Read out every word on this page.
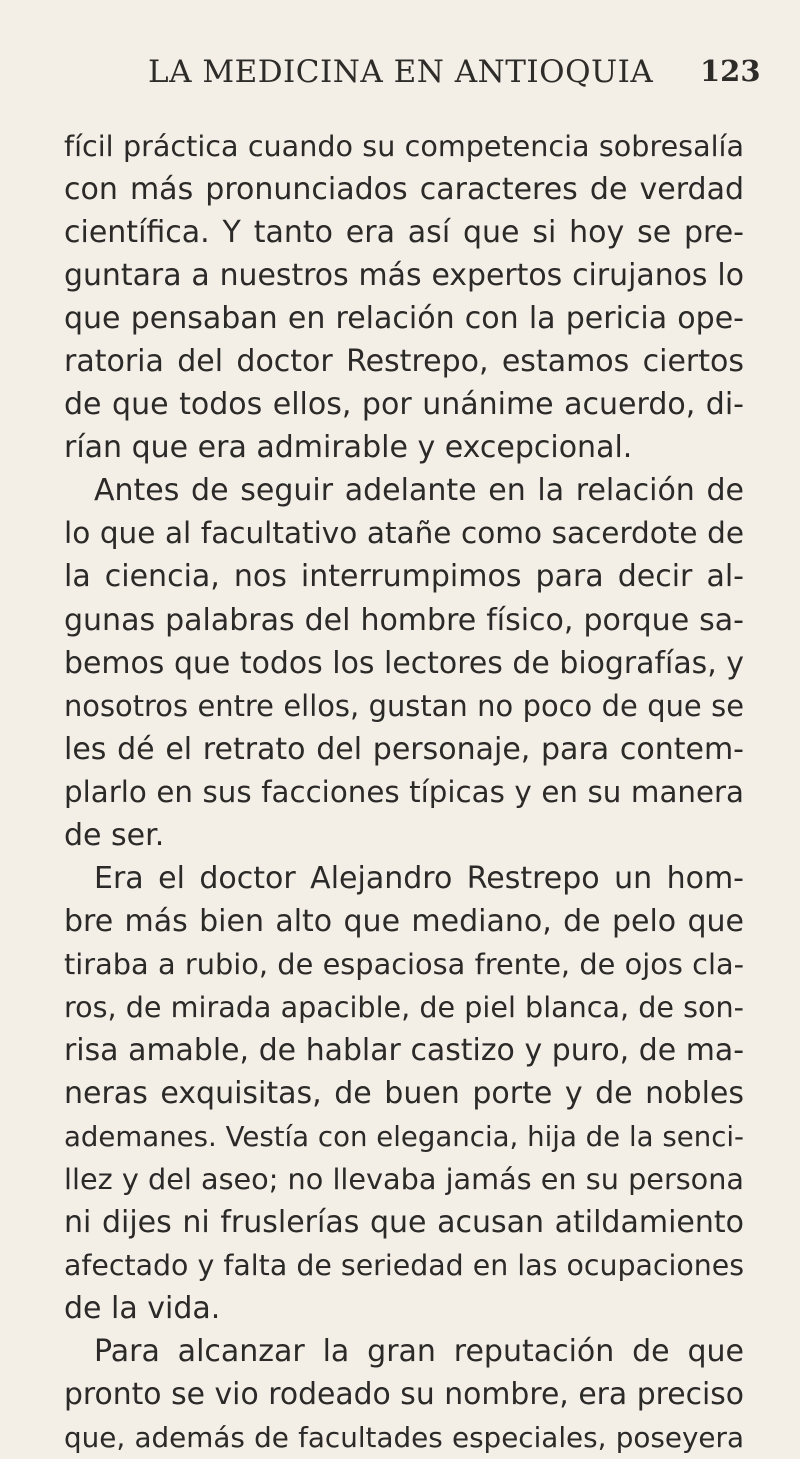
LA MEDICINA EN ANTIOQUIA 123
fícil práctica cuando su competencia sobresalía
con más pronunciados caracteres de verdad
científica. Y tanto era así que si hoy se pre-
guntara a nuestros más expertos cirujanos lo
que pensaban en relación con la pericia ope-
ratoria del doctor Restrepo, estamos ciertos
de que todos ellos, por unánime acuerdo, di-
rían que era admirable y excepcional.
Antes de seguir adelante en la relación de
lo que al facultativo atañe como sacerdote de
la ciencia, nos interrumpimos para decir al-
gunas palabras del hombre físico, porque sa-
bemos que todos los lectores de biografías, y
nosotros entre ellos, gustan no poco de que se
les dé el retrato del personaje, para contem-
plarlo en sus facciones típicas y en su manera
de ser.
Era el doctor Alejandro Restrepo un hom-
bre más bien alto que mediano, de pelo que
tiraba a rubio, de espaciosa frente, de ojos cla-
ros, de mirada apacible, de piel blanca, de son-
risa amable, de hablar castizo y puro, de ma-
neras exquisitas, de buen porte y de nobles
ademanes. Vestía con elegancia, hija de la senci-
llez y del aseo; no llevaba jamás en su persona
ni dijes ni fruslerías que acusan atildamiento
afectado y falta de seriedad en las ocupaciones
de la vida.
Para alcanzar la gran reputación de que
pronto se vio rodeado su nombre, era preciso
que, además de facultades especiales, poseyera
